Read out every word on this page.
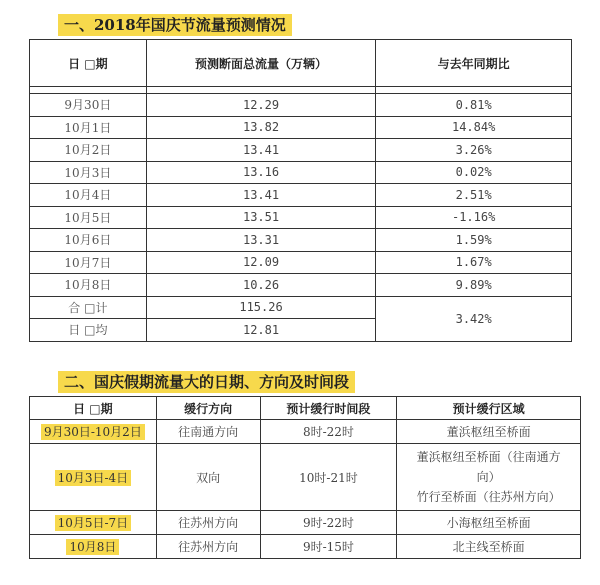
一、2018年国庆节流量预测情况
日 □期	预测断面总流量（万辆）	与去年同期比

9月30日	12.29	0.81%
10月1日	13.82	14.84%
10月2日	13.41	3.26%
10月3日	13.16	0.02%
10月4日	13.41	2.51%
10月5日	13.51	-1.16%
10月6日	13.31	1.59%
10月7日	12.09	1.67%
10月8日	10.26	9.89%
合 □计	115.26	3.42%
日 □均	12.81	
二、国庆假期流量大的日期、方向及时间段
日 □期	缓行方向	预计缓行时间段	预计缓行区域
9月30日-10月2日	往南通方向	8时-22时	董浜枢纽至桥面
10月3日-4日	双向	10时-21时	董浜枢纽至桥面（往南通方
向）
竹行至桥面（往苏州方向）

10月5日-7日	往苏州方向	9时-22时	小海枢纽至桥面
10月8日	往苏州方向	9时-15时	北主线至桥面
